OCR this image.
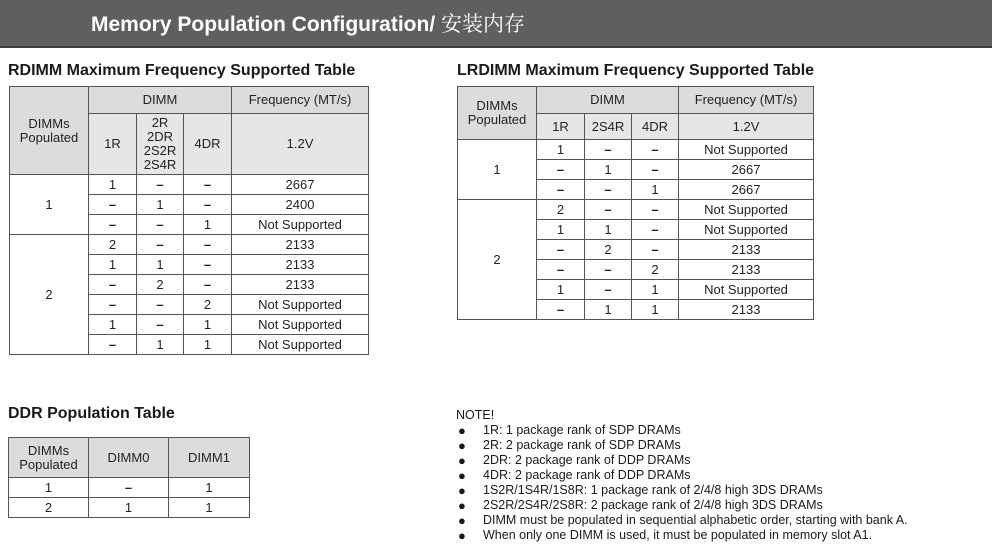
Memory Population Configuration/ 安装内存
RDIMM Maximum Frequency Supported Table
DIMMs Populated	DIMM			Frequency (MT/s)
	1R	2R
2DR
2S2R
2S4R	4DR	1.2V
1	1	–	–	2667
	–	1	–	2400
	–	–	1	Not Supported
2	2	–	–	2133
	1	1	–	2133
	–	2	–	2133
	–	–	2	Not Supported
	1	–	1	Not Supported
	–	1	1	Not Supported
LRDIMM Maximum Frequency Supported Table
DIMMs Populated	DIMM			Frequency (MT/s)
	1R	2S4R	4DR	1.2V
1	1	–	–	Not Supported
	–	1	–	2667
	–	–	1	2667
2	2	–	–	Not Supported
	1	1	–	Not Supported
	–	2	–	2133
	–	–	2	2133
	1	–	1	Not Supported
	–	1	1	2133
DDR Population Table
DIMMs Populated	DIMM0	DIMM1
1	–	1
2	1	1
NOTE!
● 1R: 1 package rank of SDP DRAMs
● 2R: 2 package rank of SDP DRAMs
● 2DR: 2 package rank of DDP DRAMs
● 4DR: 2 package rank of DDP DRAMs
● 1S2R/1S4R/1S8R: 1 package rank of 2/4/8 high 3DS DRAMs
● 2S2R/2S4R/2S8R: 2 package rank of 2/4/8 high 3DS DRAMs
● DIMM must be populated in sequential alphabetic order, starting with bank A.
● When only one DIMM is used, it must be populated in memory slot A1.
